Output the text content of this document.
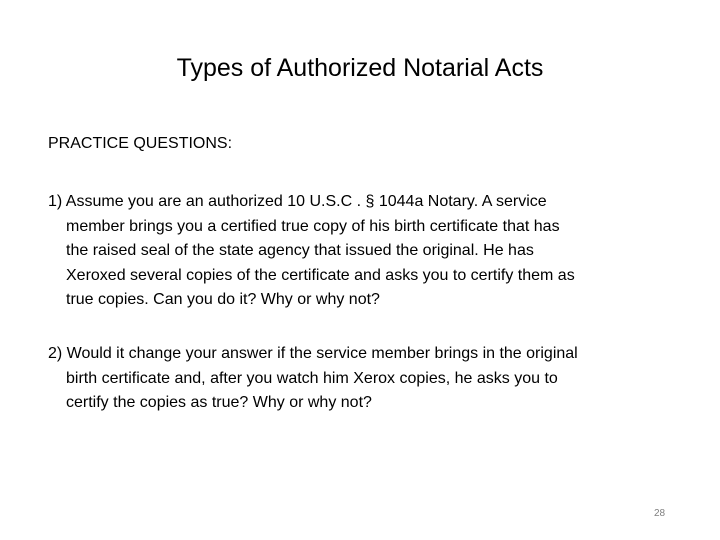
Types of Authorized Notarial Acts
PRACTICE QUESTIONS:
1) Assume you are an authorized 10 U.S.C . § 1044a Notary. A service
member brings you a certified true copy of his birth certificate that has
the raised seal of the state agency that issued the original. He has
Xeroxed several copies of the certificate and asks you to certify them as
true copies. Can you do it? Why or why not?
2) Would it change your answer if the service member brings in the original
birth certificate and, after you watch him Xerox copies, he asks you to
certify the copies as true? Why or why not?
28
